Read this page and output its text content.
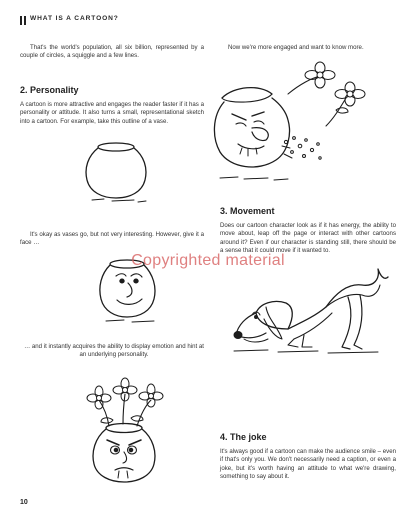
WHAT IS A CARTOON?

That's the world's population, all six billion, represented by a couple of circles, a squiggle and a few lines.

Now we're more engaged and want to know more.

2. Personality

A cartoon is more attractive and engages the reader faster if it has a personality or attitude. It also turns a small, representational sketch into a cartoon. For example, take this outline of a vase.

It's okay as vases go, but not very interesting. However, give it a face …

… and it instantly acquires the ability to display emotion and hint at an underlying personality.

3. Movement

Does our cartoon character look as if it has energy, the ability to move about, leap off the page or interact with other cartoons around it? Even if our character is standing still, there should be a sense that it could move if it wanted to.

4. The joke

It's always good if a cartoon can make the audience smile – even if that's only you. We don't necessarily need a caption, or even a joke, but it's worth having an attitude to what we're drawing, something to say about it.

Copyrighted material
10
